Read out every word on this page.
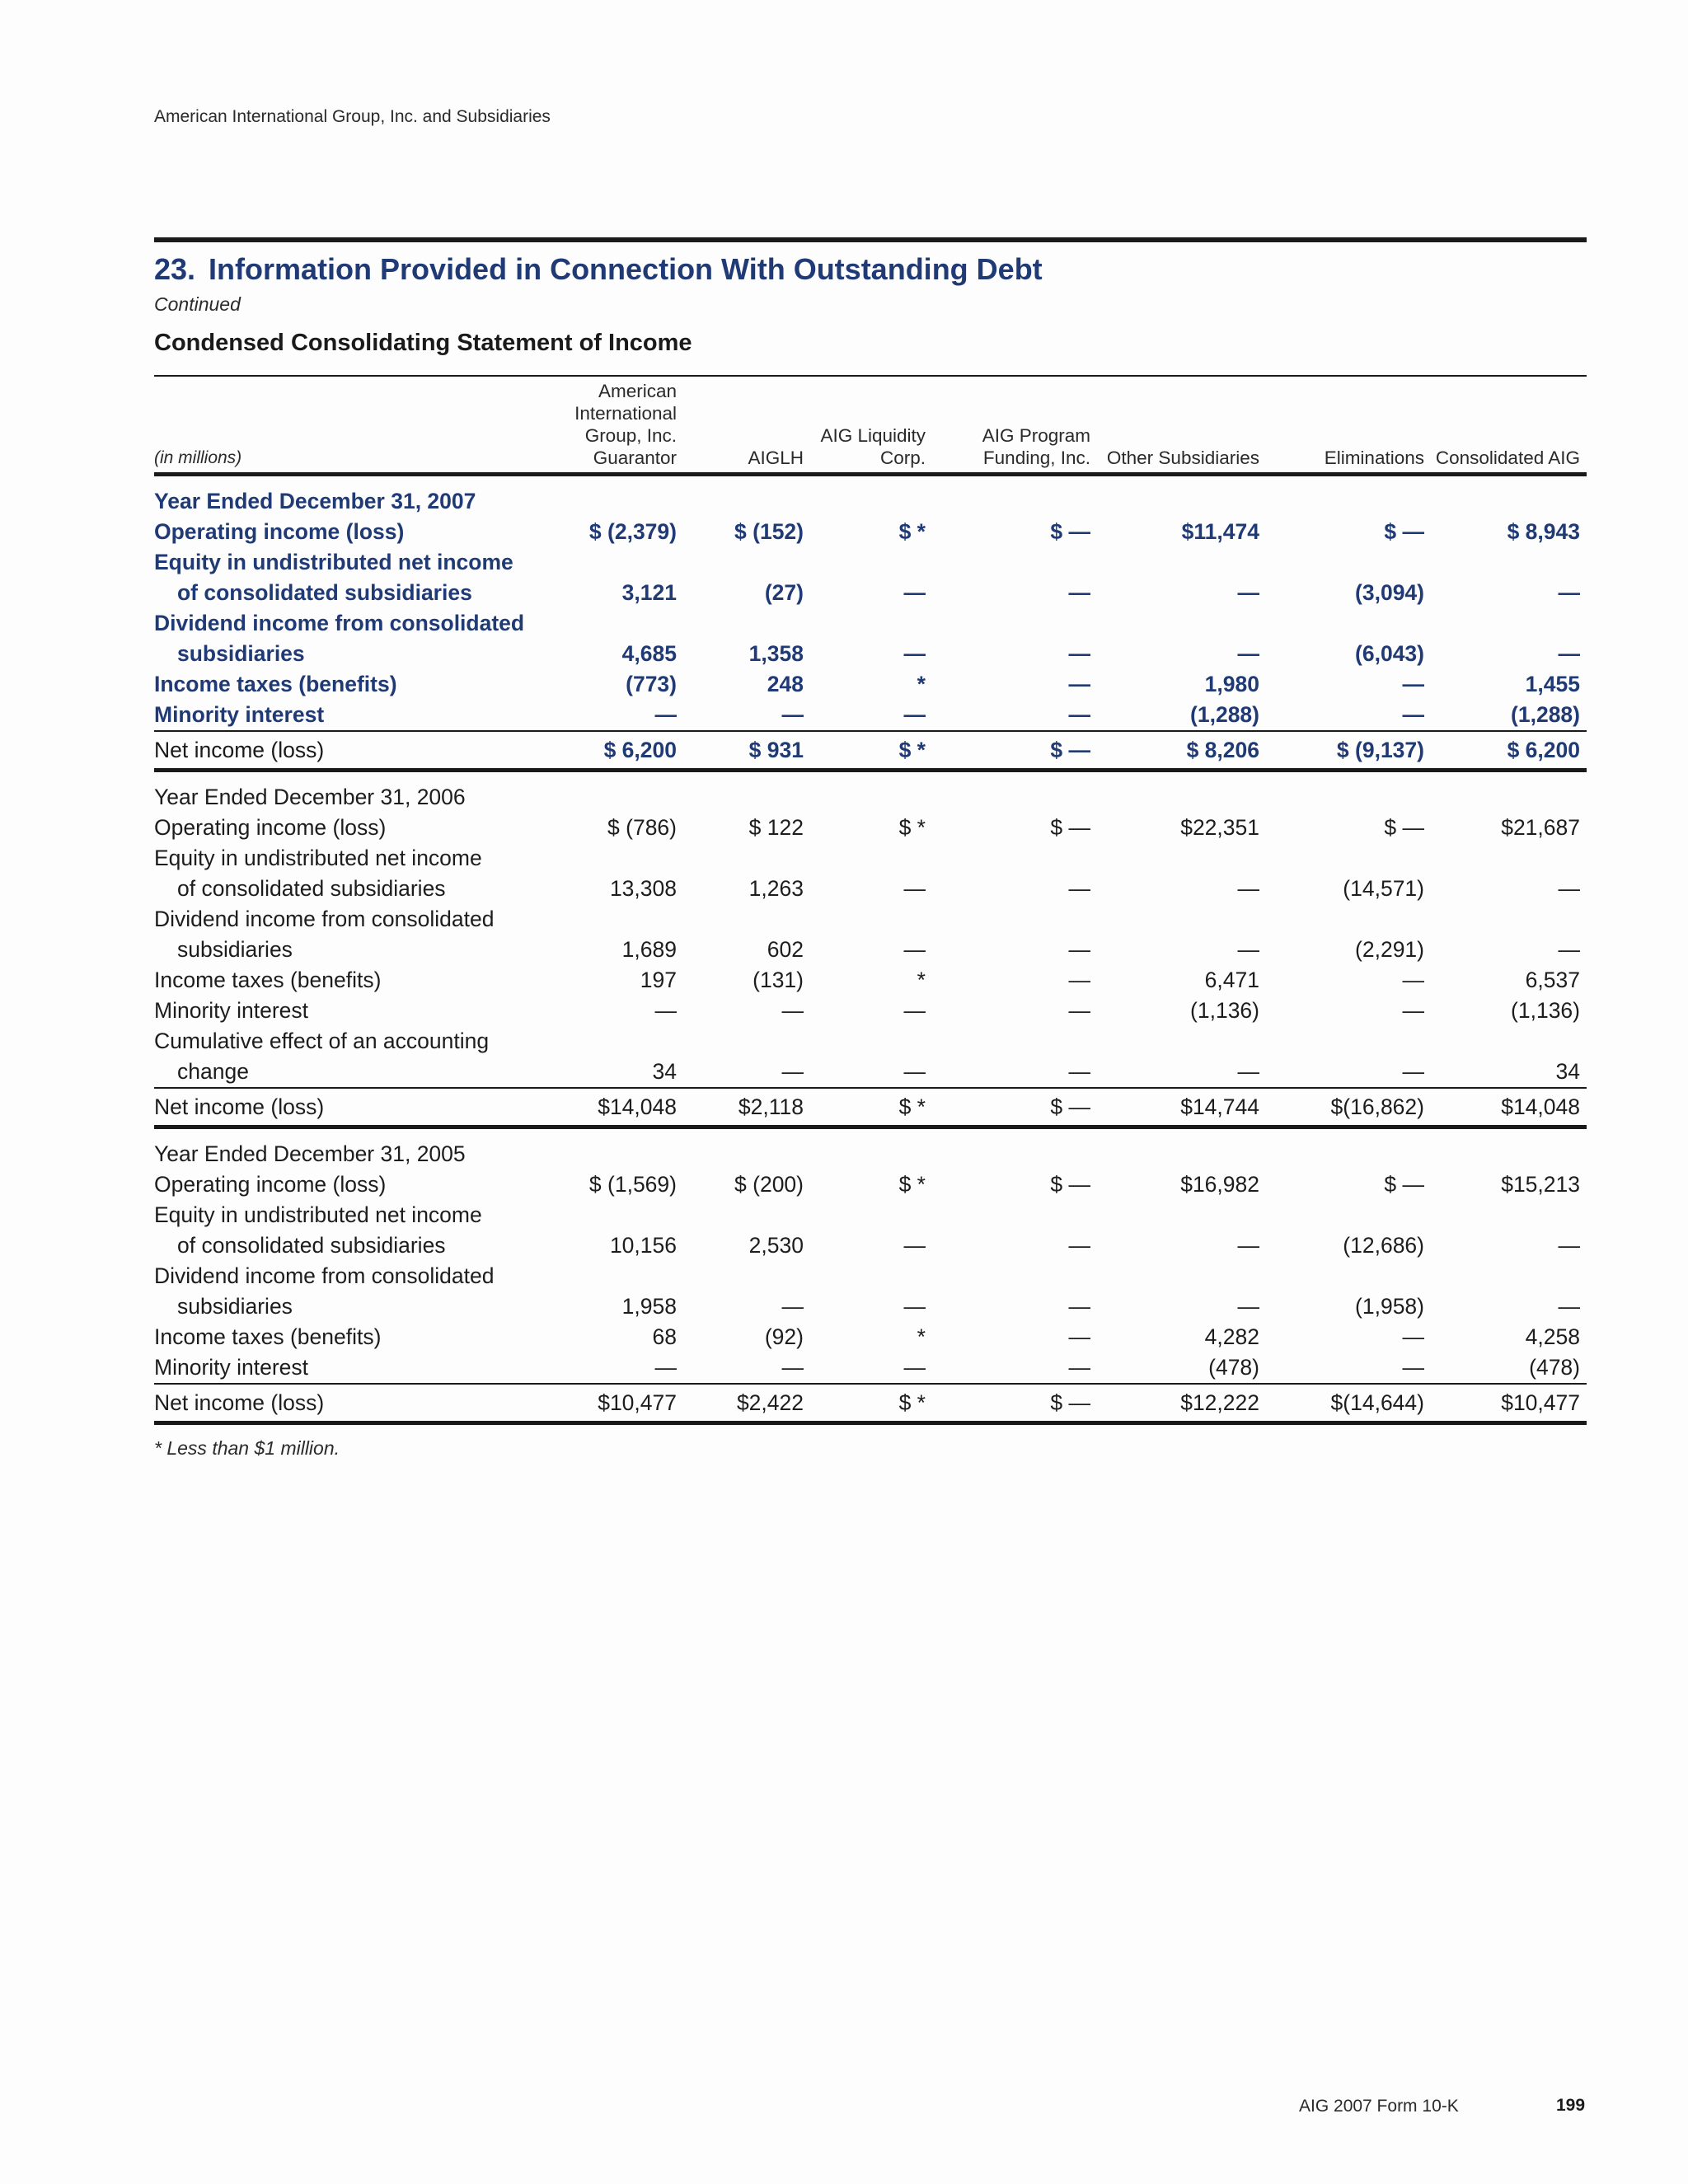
American International Group, Inc. and Subsidiaries
23. Information Provided in Connection With Outstanding Debt
Continued
Condensed Consolidating Statement of Income
(in millions)	American International Group, Inc. Guarantor	AIGLH	AIG Liquidity Corp.	AIG Program Funding, Inc.	Other Subsidiaries	Eliminations	Consolidated AIG
Year Ended December 31, 2007							
Operating income (loss)	$ (2,379)	$ (152)	$ *	$ —	$11,474	$ —	$ 8,943
Equity in undistributed net income							
of consolidated subsidiaries	3,121	(27)	—	—	—	(3,094)	—
Dividend income from consolidated							
subsidiaries	4,685	1,358	—	—	—	(6,043)	—
Income taxes (benefits)	(773)	248	*	—	1,980	—	1,455
Minority interest	—	—	—	—	(1,288)	—	(1,288)
Net income (loss)	$ 6,200	$ 931	$ *	$ —	$ 8,206	$ (9,137)	$ 6,200
Year Ended December 31, 2006							
Operating income (loss)	$ (786)	$ 122	$ *	$ —	$22,351	$ —	$21,687
Equity in undistributed net income							
of consolidated subsidiaries	13,308	1,263	—	—	—	(14,571)	—
Dividend income from consolidated							
subsidiaries	1,689	602	—	—	—	(2,291)	—
Income taxes (benefits)	197	(131)	*	—	6,471	—	6,537
Minority interest	—	—	—	—	(1,136)	—	(1,136)
Cumulative effect of an accounting							
change	34	—	—	—	—	—	34
Net income (loss)	$14,048	$2,118	$ *	$ —	$14,744	$(16,862)	$14,048
Year Ended December 31, 2005							
Operating income (loss)	$ (1,569)	$ (200)	$ *	$ —	$16,982	$ —	$15,213
Equity in undistributed net income							
of consolidated subsidiaries	10,156	2,530	—	—	—	(12,686)	—
Dividend income from consolidated							
subsidiaries	1,958	—	—	—	—	(1,958)	—
Income taxes (benefits)	68	(92)	*	—	4,282	—	4,258
Minority interest	—	—	—	—	(478)	—	(478)
Net income (loss)	$10,477	$2,422	$ *	$ —	$12,222	$(14,644)	$10,477
* Less than $1 million.
AIG 2007 Form 10-K	199
